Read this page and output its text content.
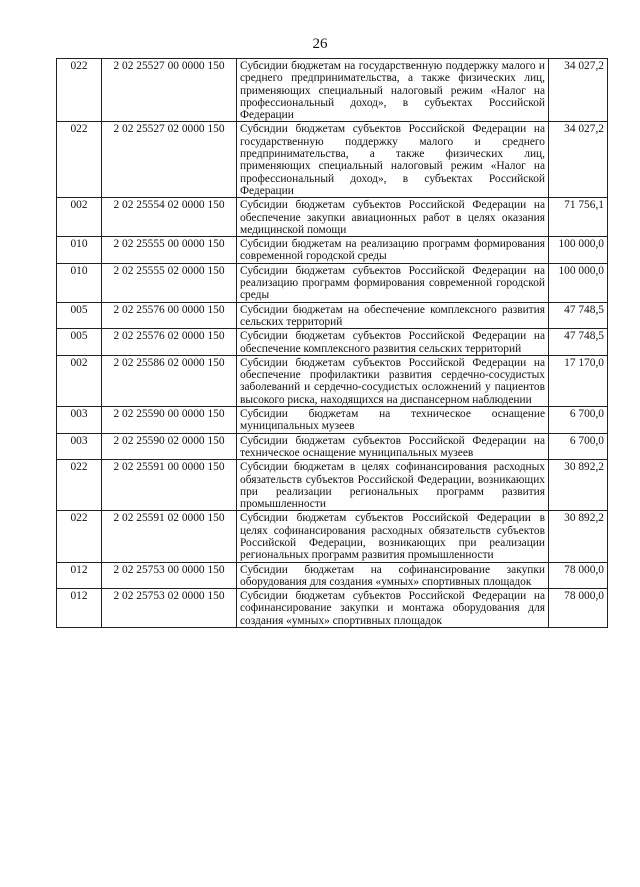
26
022	2 02 25527 00 0000 150	Субсидии бюджетам на государственную поддержку малого и среднего предпринимательства, а также физических лиц, применяющих специальный налоговый режим «Налог на профессиональный доход», в субъектах Российской Федерации	34 027,2
022	2 02 25527 02 0000 150	Субсидии бюджетам субъектов Российской Федерации на государственную поддержку малого и среднего предпринимательства, а также физических лиц, применяющих специальный налоговый режим «Налог на профессиональный доход», в субъектах Российской Федерации	34 027,2
002	2 02 25554 02 0000 150	Субсидии бюджетам субъектов Российской Федерации на обеспечение закупки авиационных работ в целях оказания медицинской помощи	71 756,1
010	2 02 25555 00 0000 150	Субсидии бюджетам на реализацию программ формирования современной городской среды	100 000,0
010	2 02 25555 02 0000 150	Субсидии бюджетам субъектов Российской Федерации на реализацию программ формирования современной городской среды	100 000,0
005	2 02 25576 00 0000 150	Субсидии бюджетам на обеспечение комплексного развития сельских территорий	47 748,5
005	2 02 25576 02 0000 150	Субсидии бюджетам субъектов Российской Федерации на обеспечение комплексного развития сельских территорий	47 748,5
002	2 02 25586 02 0000 150	Субсидии бюджетам субъектов Российской Федерации на обеспечение профилактики развития сердечно-сосудистых заболеваний и сердечно-сосудистых осложнений у пациентов высокого риска, находящихся на диспансерном наблюдении	17 170,0
003	2 02 25590 00 0000 150	Субсидии бюджетам на техническое оснащение муниципальных музеев	6 700,0
003	2 02 25590 02 0000 150	Субсидии бюджетам субъектов Российской Федерации на техническое оснащение муниципальных музеев	6 700,0
022	2 02 25591 00 0000 150	Субсидии бюджетам в целях софинансирования расходных обязательств субъектов Российской Федерации, возникающих при реализации региональных программ развития промышленности	30 892,2
022	2 02 25591 02 0000 150	Субсидии бюджетам субъектов Российской Федерации в целях софинансирования расходных обязательств субъектов Российской Федерации, возникающих при реализации региональных программ развития промышленности	30 892,2
012	2 02 25753 00 0000 150	Субсидии бюджетам на софинансирование закупки оборудования для создания «умных» спортивных площадок	78 000,0
012	2 02 25753 02 0000 150	Субсидии бюджетам субъектов Российской Федерации на софинансирование закупки и монтажа оборудования для создания «умных» спортивных площадок	78 000,0
